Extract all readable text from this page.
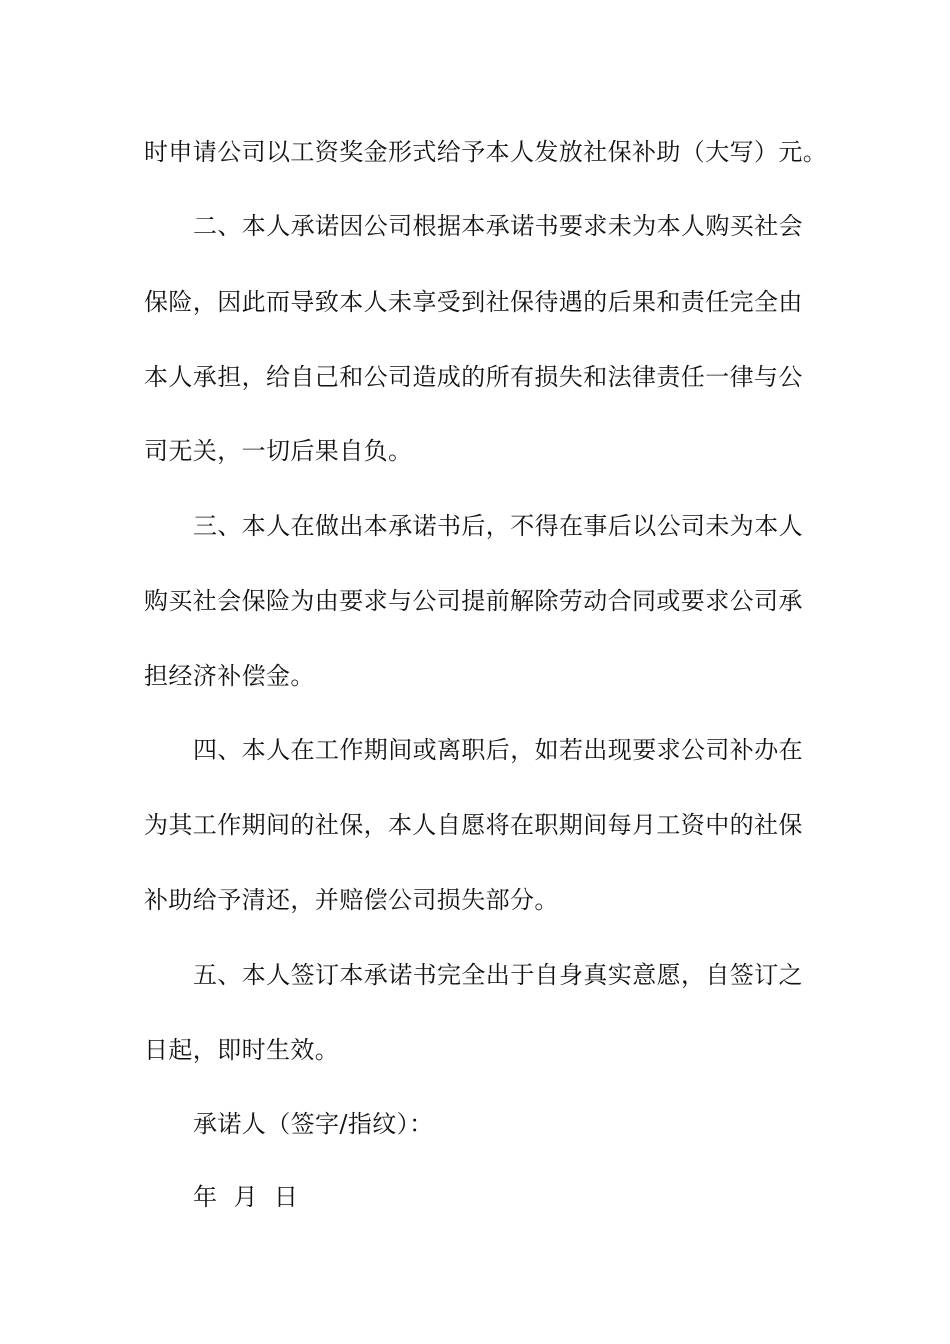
时申请公司以工资奖金形式给予本人发放社保补助（大写）元。
二、本人承诺因公司根据本承诺书要求未为本人购买社会
保险，因此而导致本人未享受到社保待遇的后果和责任完全由
本人承担，给自己和公司造成的所有损失和法律责任一律与公
司无关，一切后果自负。
三、本人在做出本承诺书后，不得在事后以公司未为本人
购买社会保险为由要求与公司提前解除劳动合同或要求公司承
担经济补偿金。
四、本人在工作期间或离职后，如若出现要求公司补办在
为其工作期间的社保，本人自愿将在职期间每月工资中的社保
补助给予清还，并赔偿公司损失部分。
五、本人签订本承诺书完全出于自身真实意愿，自签订之
日起，即时生效。
承诺人（签字/指纹）：
年  月  日
